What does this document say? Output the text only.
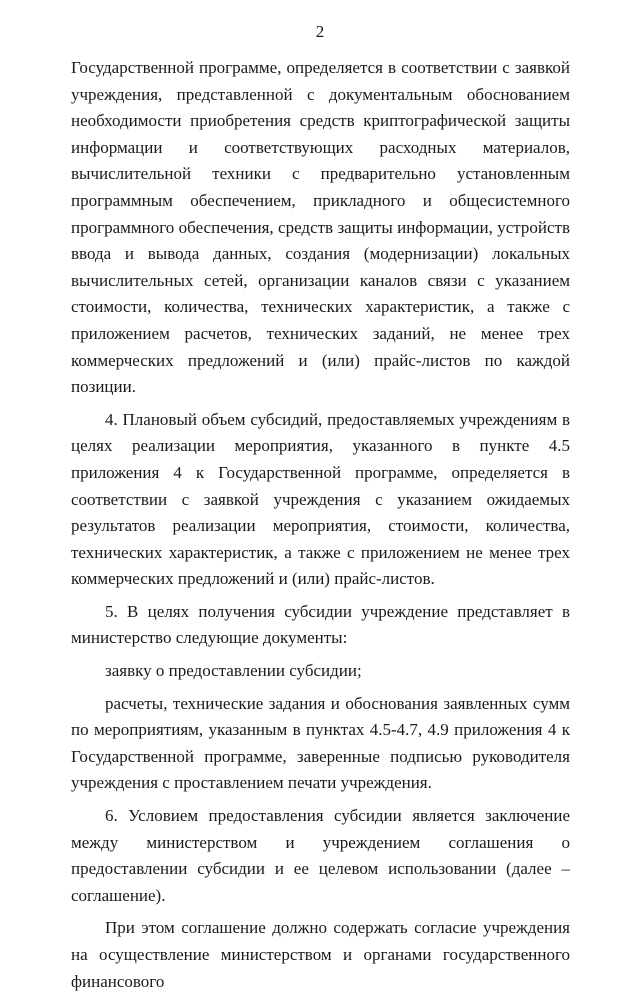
2

Государственной программе, определяется в соответствии с заявкой учреждения, представленной с документальным обоснованием необходимости приобретения средств криптографической защиты информации и соответствующих расходных материалов, вычислительной техники с предварительно установленным программным обеспечением, прикладного и общесистемного программного обеспечения, средств защиты информации, устройств ввода и вывода данных, создания (модернизации) локальных вычислительных сетей, организации каналов связи с указанием стоимости, количества, технических характеристик, а также с приложением расчетов, технических заданий, не менее трех коммерческих предложений и (или) прайс-листов по каждой позиции.

4. Плановый объем субсидий, предоставляемых учреждениям в целях реализации мероприятия, указанного в пункте 4.5 приложения 4 к Государственной программе, определяется в соответствии с заявкой учреждения с указанием ожидаемых результатов реализации мероприятия, стоимости, количества, технических характеристик, а также с приложением не менее трех коммерческих предложений и (или) прайс-листов.

5. В целях получения субсидии учреждение представляет в министерство следующие документы:

заявку о предоставлении субсидии;

расчеты, технические задания и обоснования заявленных сумм по мероприятиям, указанным в пунктах 4.5-4.7, 4.9 приложения 4 к Государственной программе, заверенные подписью руководителя учреждения с проставлением печати учреждения.

6. Условием предоставления субсидии является заключение между министерством и учреждением соглашения о предоставлении субсидии и ее целевом использовании (далее – соглашение).

При этом соглашение должно содержать согласие учреждения на осуществление министерством и органами государственного финансового
